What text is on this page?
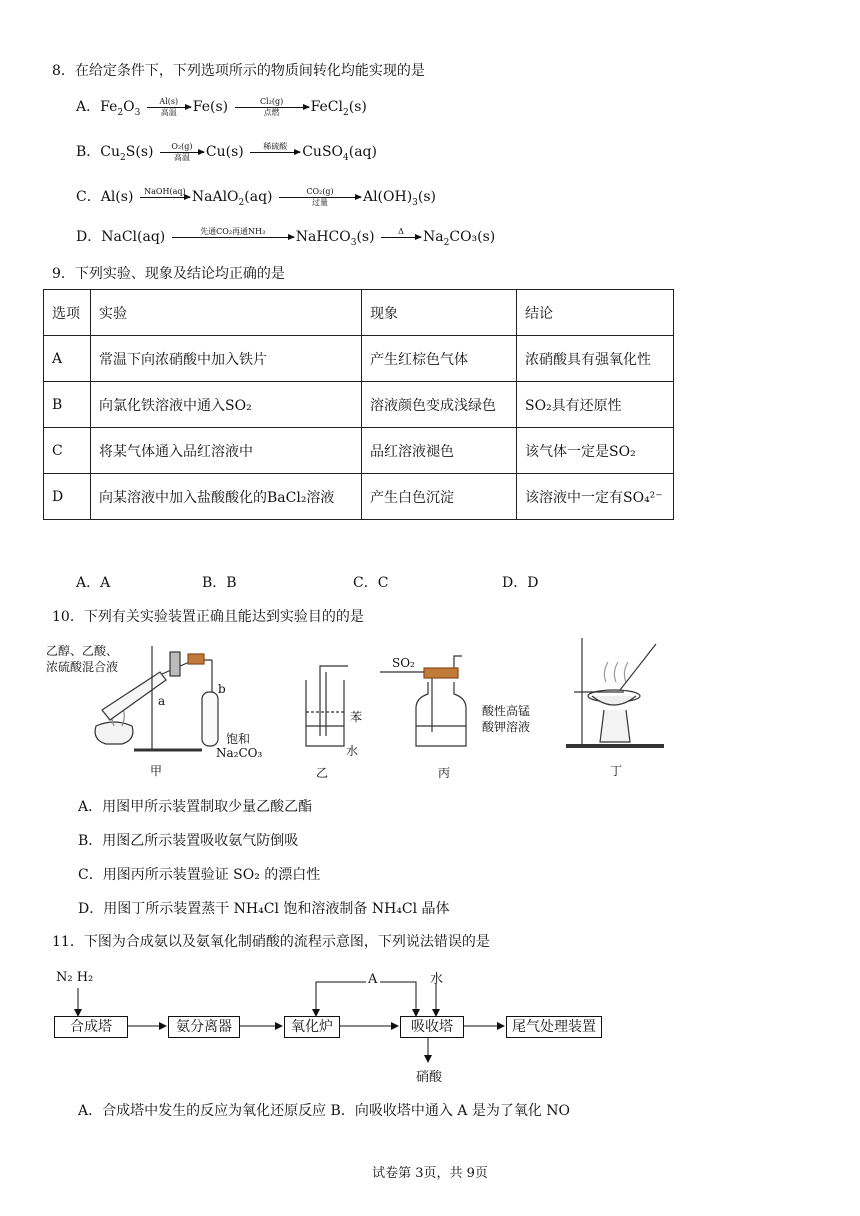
8．在给定条件下，下列选项所示的物质间转化均能实现的是
A．$Fe_2O_3$
Al(s)
高温	Fe(s)	Cl₂(g)
点燃	FeCl$_2$(s)
B．$Cu_2S(s)$	O₂(g)
高温	Cu(s)	稀硫酸	CuSO$_4$(aq)
C．Al(s)	NaOH(aq) NaAlO$_2$(aq)	CO₂(g)
过量	$Al(OH)_3(s)$
D．NaCl(aq)	先通CO₂再通NH₃	NaHCO$_3$(s)	Δ	$Na_2CO_3(s)$
9．下列实验、现象及结论均正确的是
选项	实验	现象	结论
A	常温下向浓硝酸中加入铁片	产生红棕色气体	浓硝酸具有强氧化性
B	向氯化铁溶液中通入SO₂	溶液颜色变成浅绿色	SO₂具有还原性
C	将某气体通入品红溶液中	品红溶液褪色	该气体一定是SO₂
D	向某溶液中加入盐酸酸化的BaCl₂溶液	产生白色沉淀	该溶液中一定有SO₄²⁻
A．A	B．B	C．C	D．D
10．下列有关实验装置正确且能达到实验目的的是
乙醇、乙酸、
浓硫酸混合液
a
b
饱和
Na₂CO₃
苯
水
SO₂
酸性高锰
酸钾溶液
甲	乙	丙	丁
A．用图甲所示装置制取少量乙酸乙酯
B．用图乙所示装置吸收氨气防倒吸
C．用图丙所示装置验证 SO₂ 的漂白性
D．用图丁所示装置蒸干 NH₄Cl 饱和溶液制备 NH₄Cl 晶体
11．下图为合成氨以及氨氧化制硝酸的流程示意图，下列说法错误的是
N₂ H₂
合成塔	氨分离器	氧化炉	吸收塔	尾气处理装置
A	水
硝酸
A．合成塔中发生的反应为氧化还原反应 B．向吸收塔中通入 A 是为了氧化 NO
试卷第 3页，共 9页
